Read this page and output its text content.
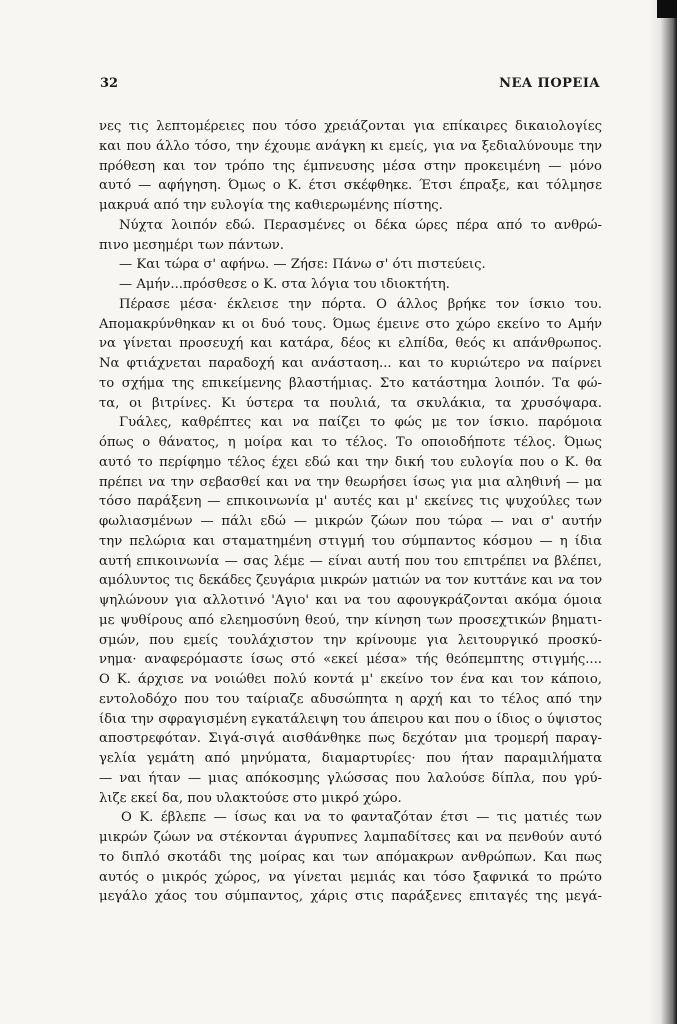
32	ΝΕΑ ΠΟΡΕΙΑ
νες τις λεπτομέρειες που τόσο χρειάζονται για επίκαιρες δικαιολογίες
και που άλλο τόσο, την έχουμε ανάγκη κι εμείς, για να ξεδιαλύνουμε την
πρόθεση και τον τρόπο της έμπνευσης μέσα στην προκειμένη — μόνο
αυτό — αφήγηση. Όμως ο Κ. έτσι σκέφθηκε. Έτσι έπραξε, και τόλμησε
μακρυά από την ευλογία της καθιερωμένης πίστης.
Νύχτα λοιπόν εδώ. Περασμένες οι δέκα ώρες πέρα από το ανθρώ-
πινο μεσημέρι των πάντων.
— Και τώρα σ' αφήνω. — Ζήσε: Πάνω σ' ότι πιστεύεις.
— Αμήν...πρόσθεσε ο Κ. στα λόγια του ιδιοκτήτη.
Πέρασε μέσα· έκλεισε την πόρτα. Ο άλλος βρήκε τον ίσκιο του.
Απομακρύνθηκαν κι οι δυό τους. Όμως έμεινε στο χώρο εκείνο το Αμήν
να γίνεται προσευχή και κατάρα, δέος κι ελπίδα, θεός κι απάνθρωπος.
Να φτιάχνεται παραδοχή και ανάσταση... και το κυριώτερο να παίρνει
το σχήμα της επικείμενης βλαστήμιας. Στο κατάστημα λοιπόν. Τα φώ-
τα, οι βιτρίνες. Κι ύστερα τα πουλιά, τα σκυλάκια, τα χρυσόψαρα.
Γυάλες, καθρέπτες και να παίζει το φώς με τον ίσκιο. παρόμοια
όπως ο θάνατος, η μοίρα και το τέλος. Το οποιοδήποτε τέλος. Όμως
αυτό το περίφημο τέλος έχει εδώ και την δική του ευλογία που ο Κ. θα
πρέπει να την σεβασθεί και να την θεωρήσει ίσως για μια αληθινή — μα
τόσο παράξενη — επικοινωνία μ' αυτές και μ' εκείνες τις ψυχούλες των
φωλιασμένων — πάλι εδώ — μικρών ζώων που τώρα — ναι σ' αυτήν
την πελώρια και σταματημένη στιγμή του σύμπαντος κόσμου — η ίδια
αυτή επικοινωνία — σας λέμε — είναι αυτή που του επιτρέπει να βλέπει,
αμόλυντος τις δεκάδες ζευγάρια μικρών ματιών να τον κυττάνε και να τον
ψηλώνουν για αλλοτινό 'Αγιο' και να του αφουγκράζονται ακόμα όμοια
με ψυθίρους από ελεημοσύνη θεού, την κίνηση των προσεχτικών βηματι-
σμών, που εμείς τουλάχιστον την κρίνουμε για λειτουργικό προσκύ-
νημα· αναφερόμαστε ίσως στό «εκεί μέσα» τής θεόπεμπτης στιγμής....
Ο Κ. άρχισε να νοιώθει πολύ κοντά μ' εκείνο τον ένα και τον κάποιο,
εντολοδόχο που του ταίριαζε αδυσώπητα η αρχή και το τέλος από την
ίδια την σφραγισμένη εγκατάλειψη του άπειρου και που ο ίδιος ο ύψιστος
αποστρεφόταν. Σιγά-σιγά αισθάνθηκε πως δεχόταν μια τρομερή παραγ-
γελία γεμάτη από μηνύματα, διαμαρτυρίες· που ήταν παραμιλήματα
— ναι ήταν — μιας απόκοσμης γλώσσας που λαλούσε δίπλα, που γρύ-
λιζε εκεί δα, που υλακτούσε στο μικρό χώρο.
Ο Κ. έβλεπε — ίσως και να το φανταζόταν έτσι — τις ματιές των
μικρών ζώων να στέκονται άγρυπνες λαμπαδίτσες και να πενθούν αυτό
το διπλό σκοτάδι της μοίρας και των απόμακρων ανθρώπων. Και πως
αυτός ο μικρός χώρος, να γίνεται μεμιάς και τόσο ξαφνικά το πρώτο
μεγάλο χάος του σύμπαντος, χάρις στις παράξενες επιταγές της μεγά-
